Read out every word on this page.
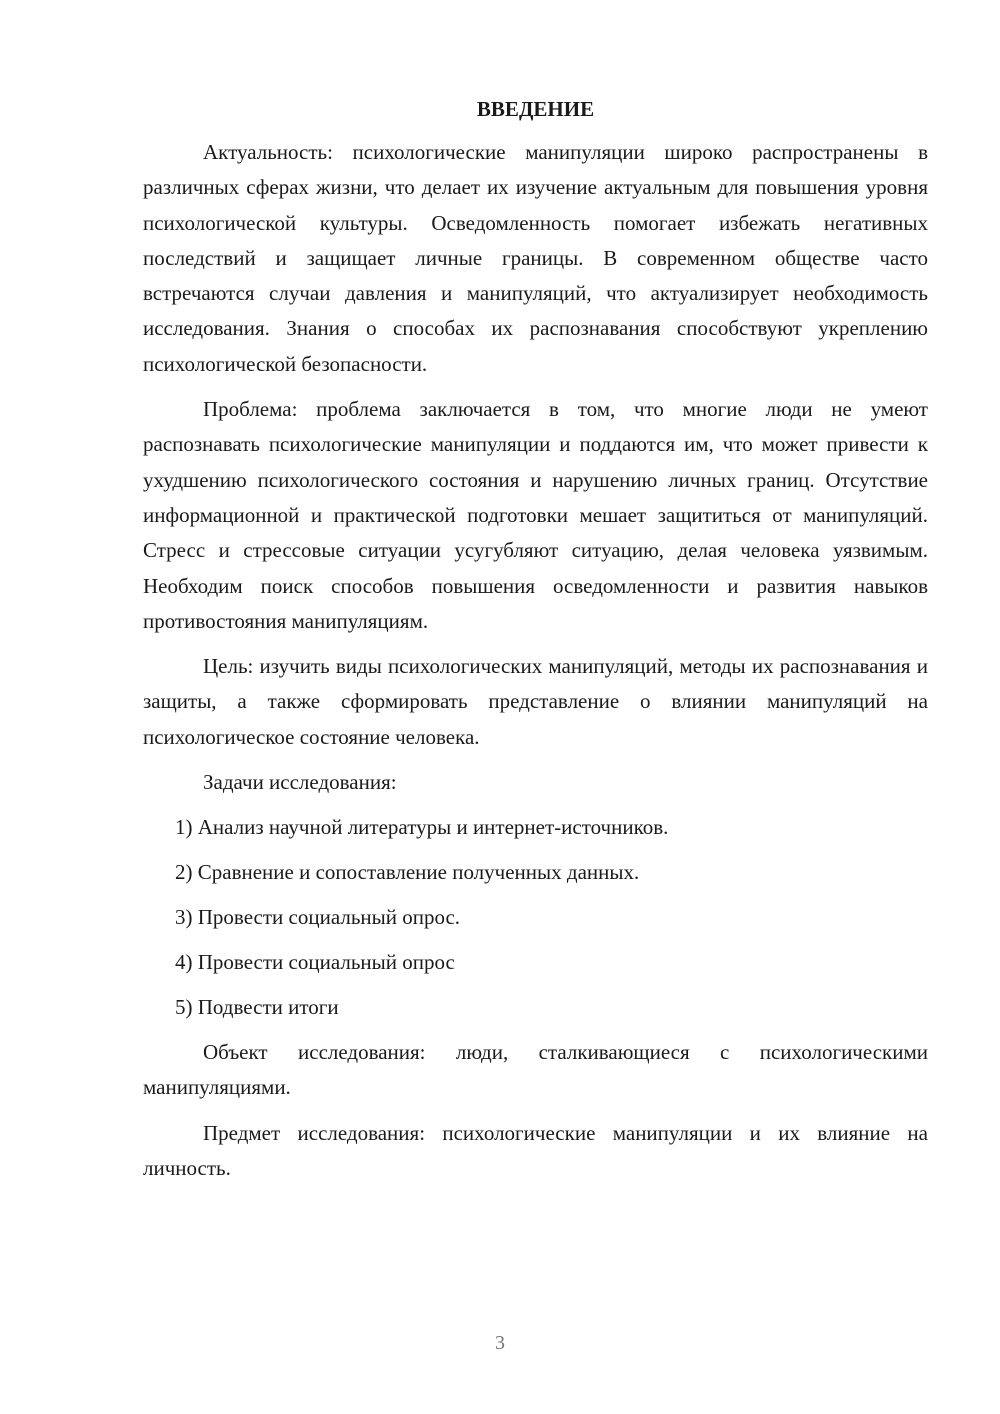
ВВЕДЕНИЕ

Актуальность: психологические манипуляции широко распространены в различных сферах жизни, что делает их изучение актуальным для повышения уровня психологической культуры. Осведомленность помогает избежать негативных последствий и защищает личные границы. В современном обществе часто встречаются случаи давления и манипуляций, что актуализирует необходимость исследования. Знания о способах их распознавания способствуют укреплению психологической безопасности.

Проблема: проблема заключается в том, что многие люди не умеют распознавать психологические манипуляции и поддаются им, что может привести к ухудшению психологического состояния и нарушению личных границ. Отсутствие информационной и практической подготовки мешает защититься от манипуляций. Стресс и стрессовые ситуации усугубляют ситуацию, делая человека уязвимым. Необходим поиск способов повышения осведомленности и развития навыков противостояния манипуляциям.

Цель: изучить виды психологических манипуляций, методы их распознавания и защиты, а также сформировать представление о влиянии манипуляций на психологическое состояние человека.

Задачи исследования:
1) Анализ научной литературы и интернет-источников.
2) Сравнение и сопоставление полученных данных.
3) Провести социальный опрос.
4) Провести социальный опрос
5) Подвести итоги

Объект исследования: люди, сталкивающиеся с психологическими манипуляциями.

Предмет исследования: психологические манипуляции и их влияние на личность.

3
